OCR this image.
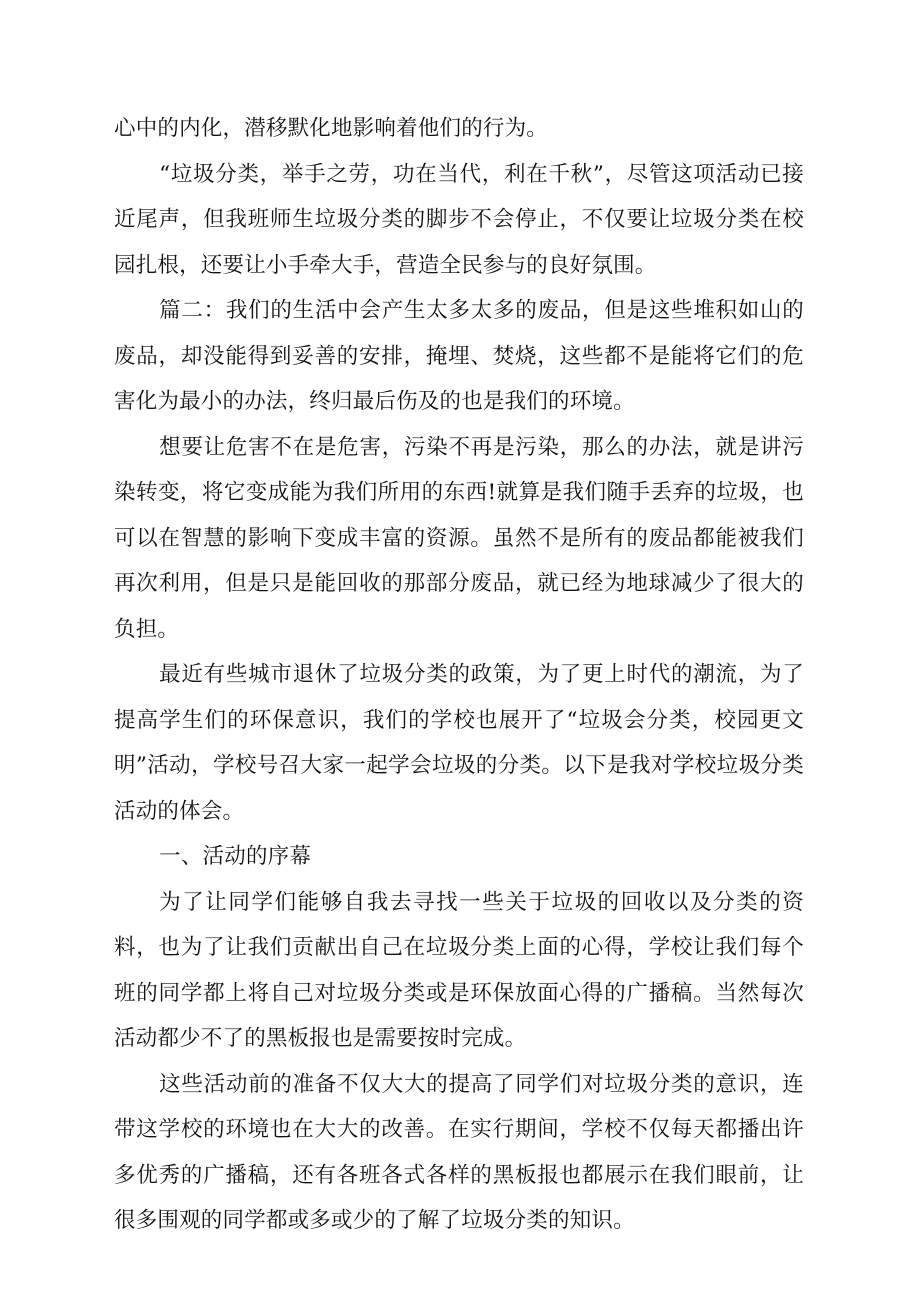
心中的内化，潜移默化地影响着他们的行为。

“垃圾分类，举手之劳，功在当代，利在千秋”，尽管这项活动已接近尾声，但我班师生垃圾分类的脚步不会停止，不仅要让垃圾分类在校园扎根，还要让小手牵大手，营造全民参与的良好氛围。

篇二：我们的生活中会产生太多太多的废品，但是这些堆积如山的废品，却没能得到妥善的安排，掩埋、焚烧，这些都不是能将它们的危害化为最小的办法，终归最后伤及的也是我们的环境。

想要让危害不在是危害，污染不再是污染，那么的办法，就是讲污染转变，将它变成能为我们所用的东西!就算是我们随手丢弃的垃圾，也可以在智慧的影响下变成丰富的资源。虽然不是所有的废品都能被我们再次利用，但是只是能回收的那部分废品，就已经为地球减少了很大的负担。

最近有些城市退休了垃圾分类的政策，为了更上时代的潮流，为了提高学生们的环保意识，我们的学校也展开了“垃圾会分类，校园更文明”活动，学校号召大家一起学会垃圾的分类。以下是我对学校垃圾分类活动的体会。

一、活动的序幕

为了让同学们能够自我去寻找一些关于垃圾的回收以及分类的资料，也为了让我们贡献出自己在垃圾分类上面的心得，学校让我们每个班的同学都上将自己对垃圾分类或是环保放面心得的广播稿。当然每次活动都少不了的黑板报也是需要按时完成。

这些活动前的准备不仅大大的提高了同学们对垃圾分类的意识，连带这学校的环境也在大大的改善。在实行期间，学校不仅每天都播出许多优秀的广播稿，还有各班各式各样的黑板报也都展示在我们眼前，让很多围观的同学都或多或少的了解了垃圾分类的知识。
